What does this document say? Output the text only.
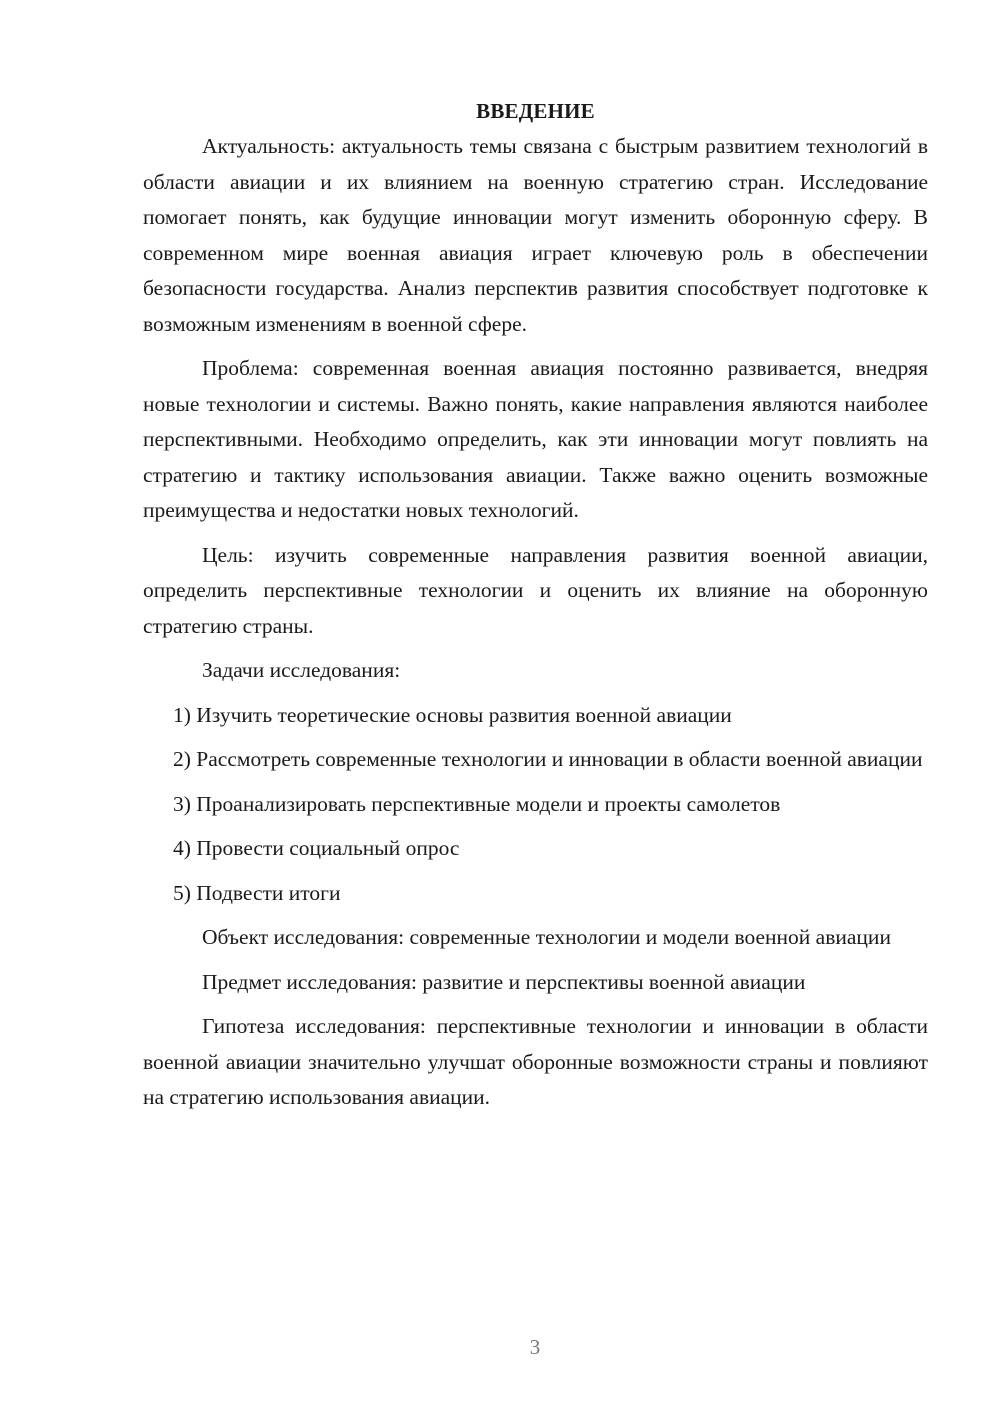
ВВЕДЕНИЕ

Актуальность: актуальность темы связана с быстрым развитием технологий в области авиации и их влиянием на военную стратегию стран. Исследование помогает понять, как будущие инновации могут изменить оборонную сферу. В современном мире военная авиация играет ключевую роль в обеспечении безопасности государства. Анализ перспектив развития способствует подготовке к возможным изменениям в военной сфере.

Проблема: современная военная авиация постоянно развивается, внедряя новые технологии и системы. Важно понять, какие направления являются наиболее перспективными. Необходимо определить, как эти инновации могут повлиять на стратегию и тактику использования авиации. Также важно оценить возможные преимущества и недостатки новых технологий.

Цель: изучить современные направления развития военной авиации, определить перспективные технологии и оценить их влияние на оборонную стратегию страны.

Задачи исследования:

1) Изучить теоретические основы развития военной авиации

2) Рассмотреть современные технологии и инновации в области военной авиации

3) Проанализировать перспективные модели и проекты самолетов

4) Провести социальный опрос

5) Подвести итоги

Объект исследования: современные технологии и модели военной авиации

Предмет исследования: развитие и перспективы военной авиации

Гипотеза исследования: перспективные технологии и инновации в области военной авиации значительно улучшат оборонные возможности страны и повлияют на стратегию использования авиации.

3
